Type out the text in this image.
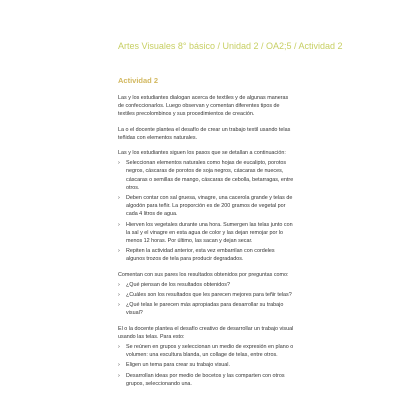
Artes Visuales 8° básico / Unidad 2 / OA2;5 / Actividad 2
Actividad 2

Las y los estudiantes dialogan acerca de textiles y de algunas maneras de confeccionarlos. Luego observan y comentan diferentes tipos de textiles precolombinos y sus procedimientos de creación.

La o el docente plantea el desafío de crear un trabajo textil usando telas teñidas con elementos naturales.

Las y los estudiantes siguen los pasos que se detallan a continuación:

› Seleccionan elementos naturales como hojas de eucalipto, porotos negros, cáscaras de porotos de soja negros, cáscaras de nueces, cáscaras o semillas de mango, cáscaras de cebolla, betarragas, entre otros.
› Deben contar con sal gruesa, vinagre, una cacerola grande y telas de algodón para teñir. La proporción es de 200 gramos de vegetal por cada 4 litros de agua.
› Hierven los vegetales durante una hora. Sumergen las telas junto con la sal y el vinagre en esta agua de color y las dejan remojar por lo menos 12 horas. Por último, las sacan y dejan secar.
› Repiten la actividad anterior, esta vez embarrilan con cordeles algunos trozos de tela para producir degradados.

Comentan con sus pares los resultados obtenidos por preguntas como:

› ¿Qué piensan de los resultados obtenidos?
› ¿Cuáles son los resultados que les parecen mejores para teñir telas?
› ¿Qué telas le parecen más apropiadas para desarrollar su trabajo visual?

El o la docente plantea el desafío creativo de desarrollar un trabajo visual usando las telas. Para esto:

› Se reúnen en grupos y seleccionan un medio de expresión en plano o volumen: una escultura blanda, un collage de telas, entre otros.
› Eligen un tema para crear su trabajo visual.
› Desarrollan ideas por medio de bocetos y las comparten con otros grupos, seleccionando una.
